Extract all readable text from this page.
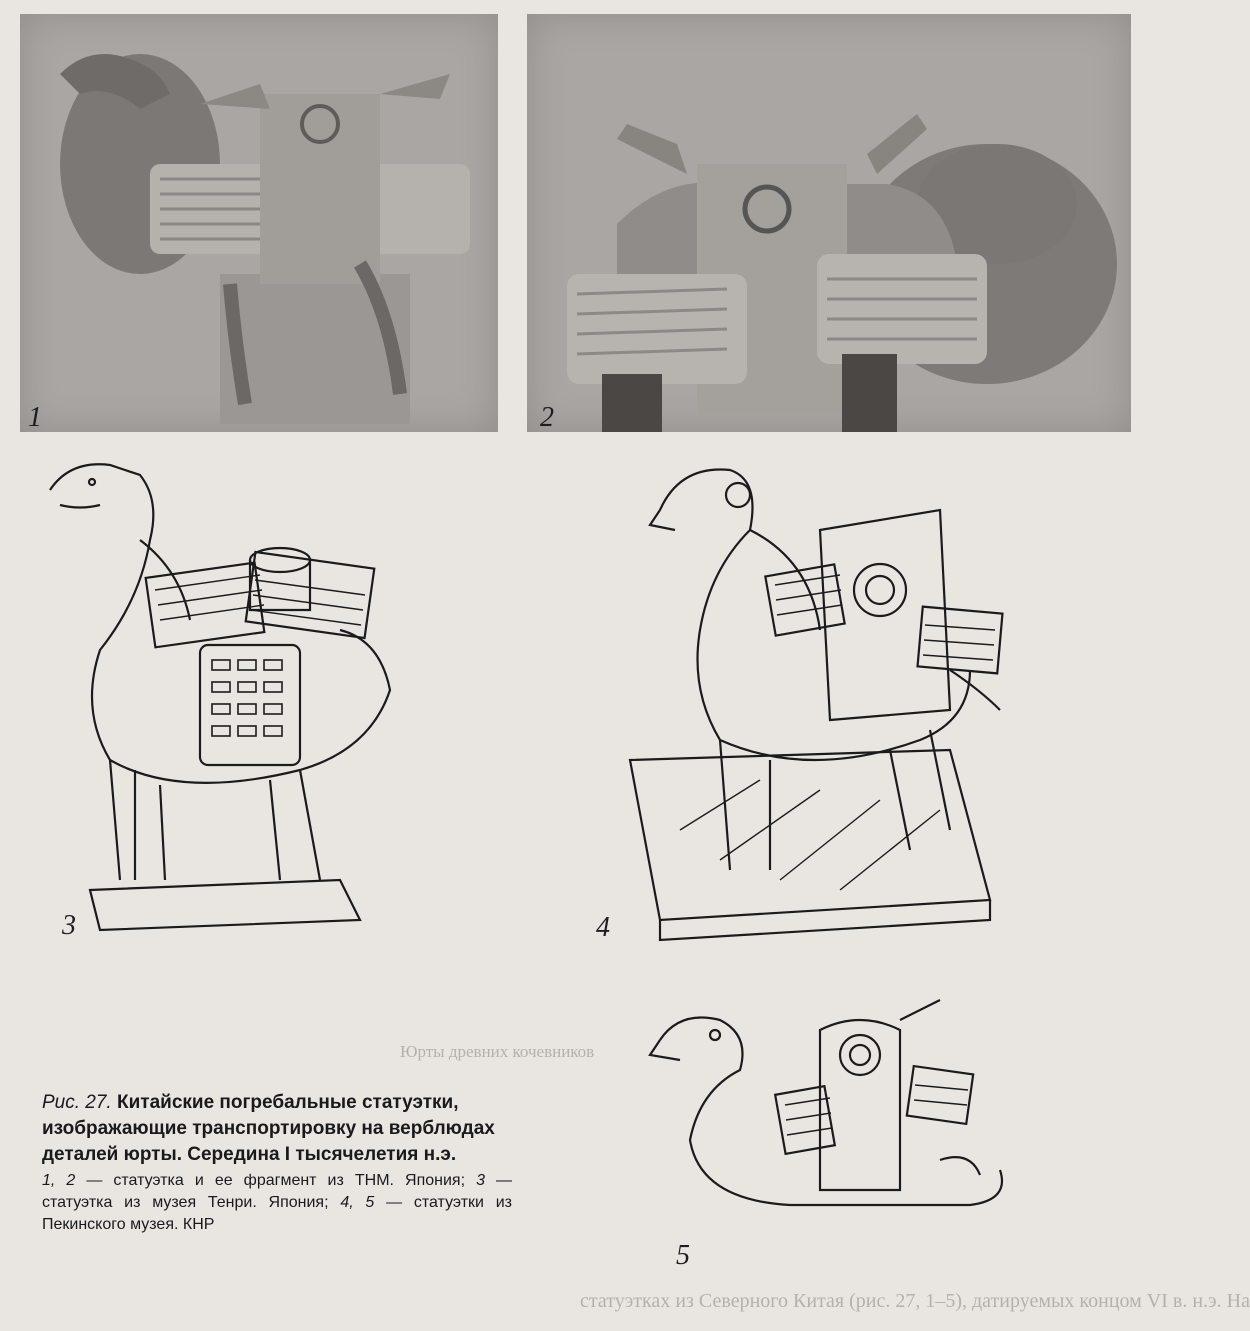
Юрты древних кочевников
статуэтках из Северного Китая (рис. 27, 1–5), датируемых концом VI в. н.э. На
1	2
3	4
5
Рис. 27. Китайские погребальные статуэтки, изображающие транспортировку на верблюдах деталей юрты. Середина I тысячелетия н.э.
1, 2 — статуэтка и ее фрагмент из ТНМ. Япония; 3 — статуэтка из музея Тенри. Япония; 4, 5 — статуэтки из Пекинского музея. КНР
